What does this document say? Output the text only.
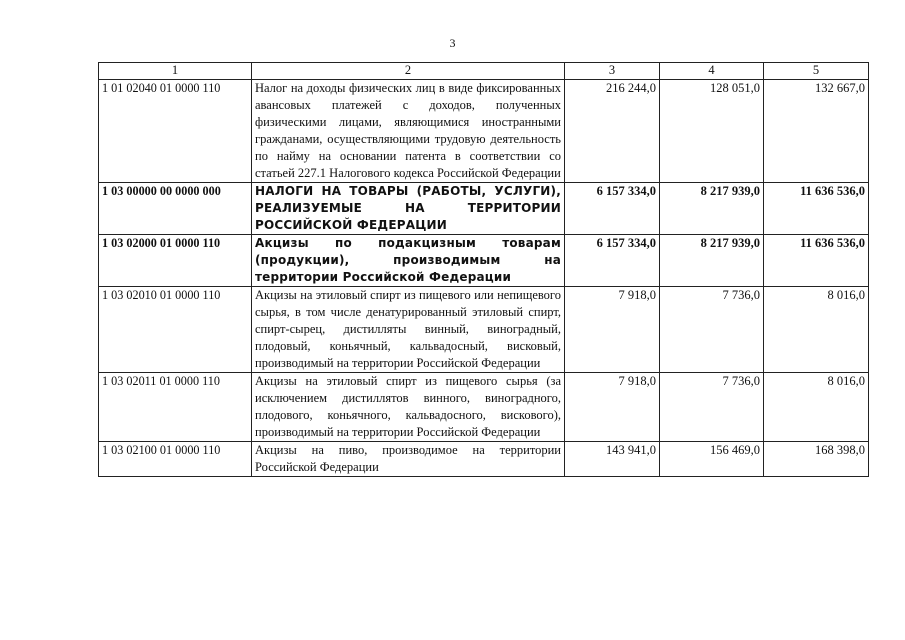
3
1	2	3	4	5
1 01 02040 01 0000 110	Налог на доходы физических лиц в виде фиксированных авансовых платежей с доходов, полученных физическими лицами, являющимися иностранными гражданами, осуществляющими трудовую деятельность по найму на основании патента в соответствии со статьей 227.1 Налогового кодекса Российской Федерации	216 244,0	128 051,0	132 667,0
1 03 00000 00 0000 000	НАЛОГИ НА ТОВАРЫ (РАБОТЫ, УСЛУГИ), РЕАЛИЗУЕМЫЕ НА ТЕРРИТОРИИ РОССИЙСКОЙ ФЕДЕРАЦИИ	6 157 334,0	8 217 939,0	11 636 536,0
1 03 02000 01 0000 110	Акцизы по подакцизным товарам (продукции), производимым на территории Российской Федерации	6 157 334,0	8 217 939,0	11 636 536,0
1 03 02010 01 0000 110	Акцизы на этиловый спирт из пищевого или непищевого сырья, в том числе денатурированный этиловый спирт, спирт-сырец, дистилляты винный, виноградный, плодовый, коньячный, кальвадосный, висковый, производимый на территории Российской Федерации	7 918,0	7 736,0	8 016,0
1 03 02011 01 0000 110	Акцизы на этиловый спирт из пищевого сырья (за исключением дистиллятов винного, виноградного, плодового, коньячного, кальвадосного, вискового), производимый на территории Российской Федерации	7 918,0	7 736,0	8 016,0
1 03 02100 01 0000 110	Акцизы на пиво, производимое на территории Российской Федерации	143 941,0	156 469,0	168 398,0
